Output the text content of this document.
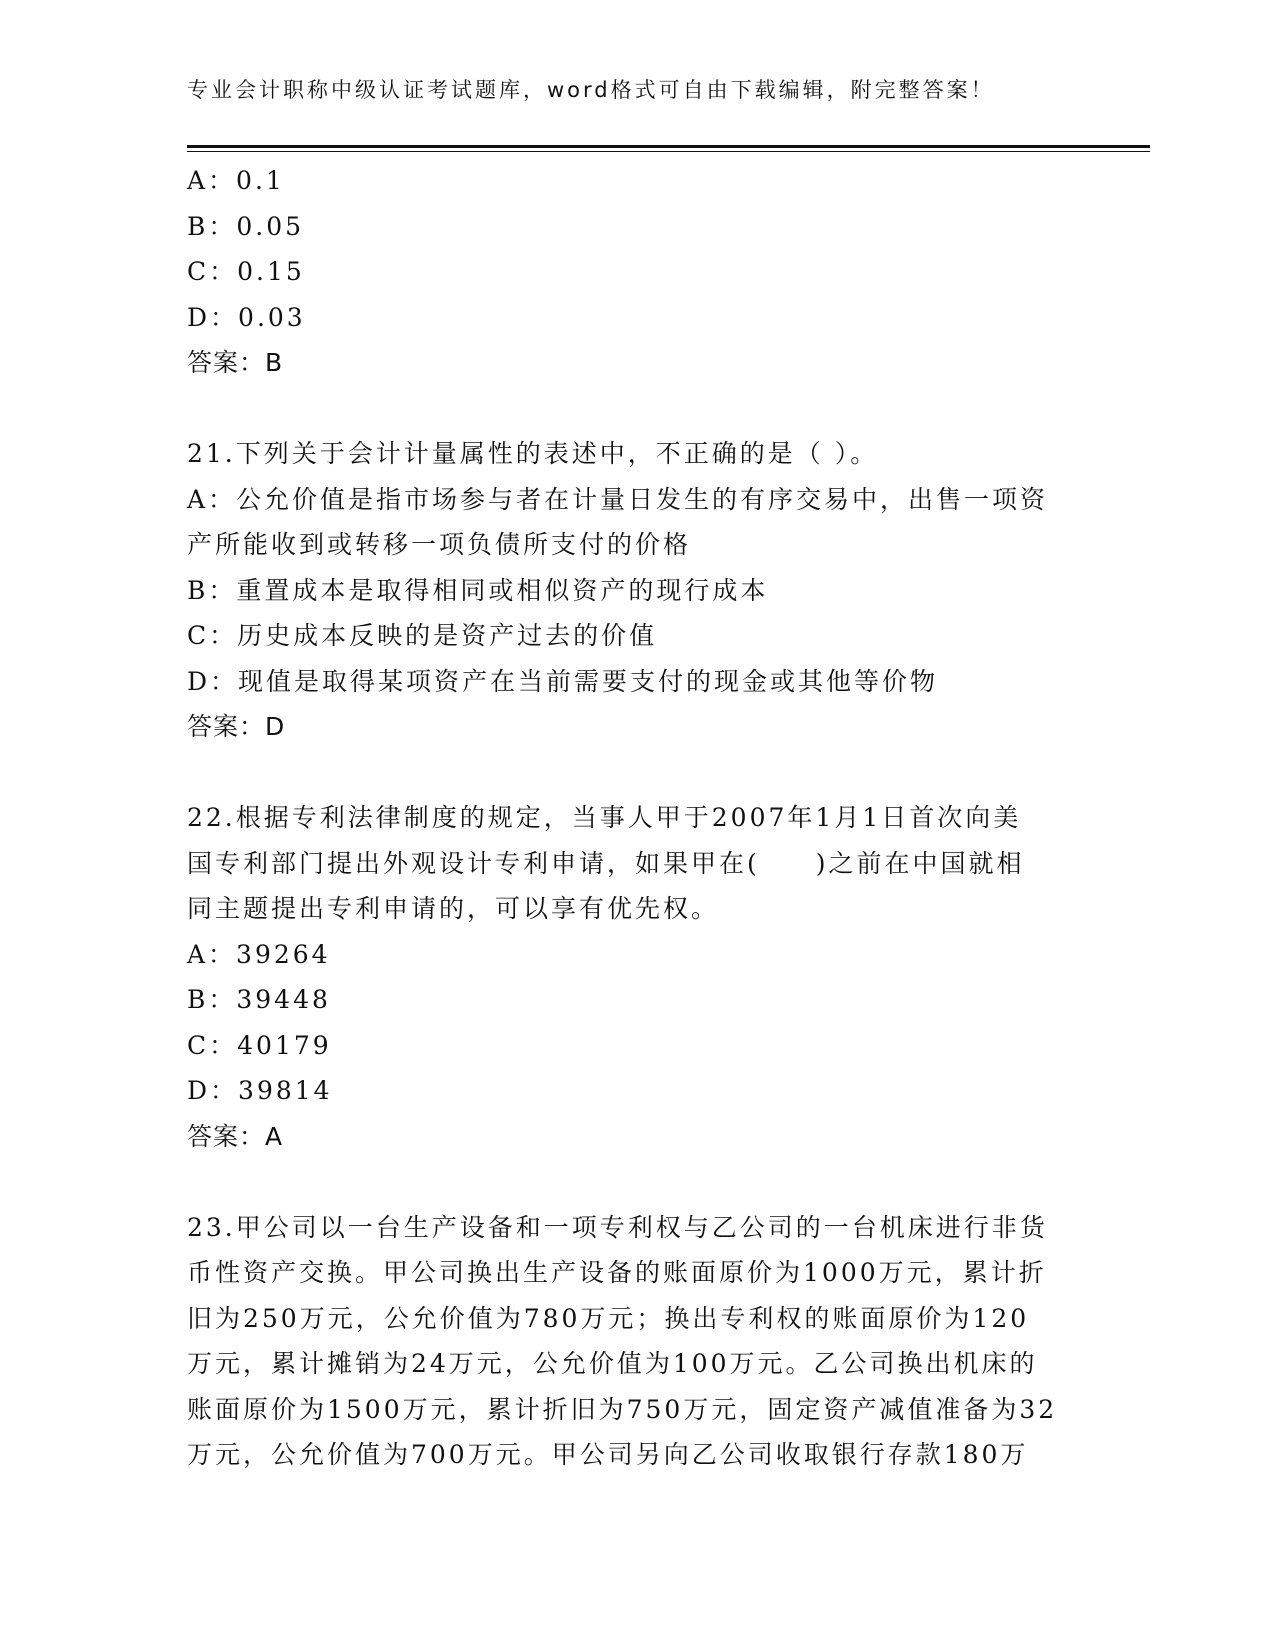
专业会计职称中级认证考试题库，word格式可自由下载编辑，附完整答案！
A：0.1
B：0.05
C：0.15
D：0.03
答案：B
21.下列关于会计计量属性的表述中，不正确的是（ ）。
A：公允价值是指市场参与者在计量日发生的有序交易中，出售一项资
产所能收到或转移一项负债所支付的价格
B：重置成本是取得相同或相似资产的现行成本
C：历史成本反映的是资产过去的价值
D：现值是取得某项资产在当前需要支付的现金或其他等价物
答案：D
22.根据专利法律制度的规定，当事人甲于2007年1月1日首次向美
国专利部门提出外观设计专利申请，如果甲在(　　)之前在中国就相
同主题提出专利申请的，可以享有优先权。
A：39264
B：39448
C：40179
D：39814
答案：A
23.甲公司以一台生产设备和一项专利权与乙公司的一台机床进行非货
币性资产交换。甲公司换出生产设备的账面原价为1000万元，累计折
旧为250万元，公允价值为780万元；换出专利权的账面原价为120
万元，累计摊销为24万元，公允价值为100万元。乙公司换出机床的
账面原价为1500万元，累计折旧为750万元，固定资产减值准备为32
万元，公允价值为700万元。甲公司另向乙公司收取银行存款180万
